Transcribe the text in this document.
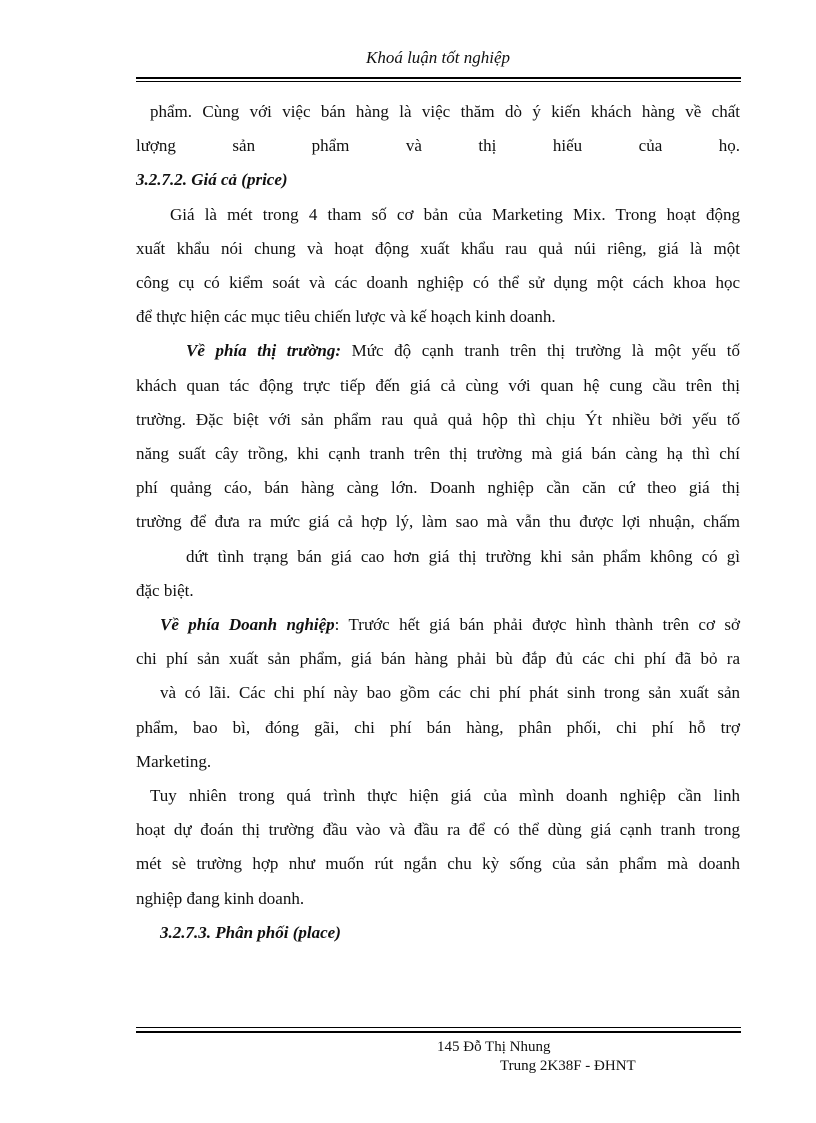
Khoá luận tốt nghiệp
phẩm. Cùng với việc bán hàng là việc thăm dò ý kiến khách hàng về chất
lượng sản phẩm và thị hiếu của họ.
3.2.7.2. Giá cả (price)
Giá là mét trong 4 tham số cơ bản của Marketing Mix. Trong hoạt động
xuất khẩu nói chung và hoạt động xuất khẩu rau quả núi riêng, giá là một
công cụ có kiểm soát và các doanh nghiệp có thể sử dụng một cách khoa học
để thực hiện các mục tiêu chiến lược và kế hoạch kinh doanh.
Về phía thị trường: Mức độ cạnh tranh trên thị trường là một yếu tố
khách quan tác động trực tiếp đến giá cả cùng với quan hệ cung cầu trên thị
trường. Đặc biệt với sản phẩm rau quả quả hộp thì chịu Ýt nhiều bởi yếu tố
năng suất cây trồng, khi cạnh tranh trên thị trường mà giá bán càng hạ thì chí
phí quảng cáo, bán hàng càng lớn. Doanh nghiệp cần căn cứ theo giá thị
trường để đưa ra mức giá cả hợp lý, làm sao mà vẫn thu được lợi nhuận, chấm
dứt tình trạng bán giá cao hơn giá thị trường khi sản phẩm không có gì
đặc biệt.
Về phía Doanh nghiệp: Trước hết giá bán phải được hình thành trên cơ sở
chi phí sản xuất sản phẩm, giá bán hàng phải bù đắp đủ các chi phí đã bỏ ra
và có lãi. Các chi phí này bao gồm các chi phí phát sinh trong sản xuất sản
phẩm, bao bì, đóng gãi, chi phí bán hàng, phân phối, chi phí hỗ trợ
Marketing.
Tuy nhiên trong quá trình thực hiện giá của mình doanh nghiệp cần linh
hoạt dự đoán thị trường đầu vào và đầu ra để có thể dùng giá cạnh tranh trong
mét sè trường hợp như muốn rút ngắn chu kỳ sống của sản phẩm mà doanh
nghiệp đang kinh doanh.
3.2.7.3. Phân phối (place)
145 Đỗ Thị Nhung
Trung 2K38F - ĐHNT
